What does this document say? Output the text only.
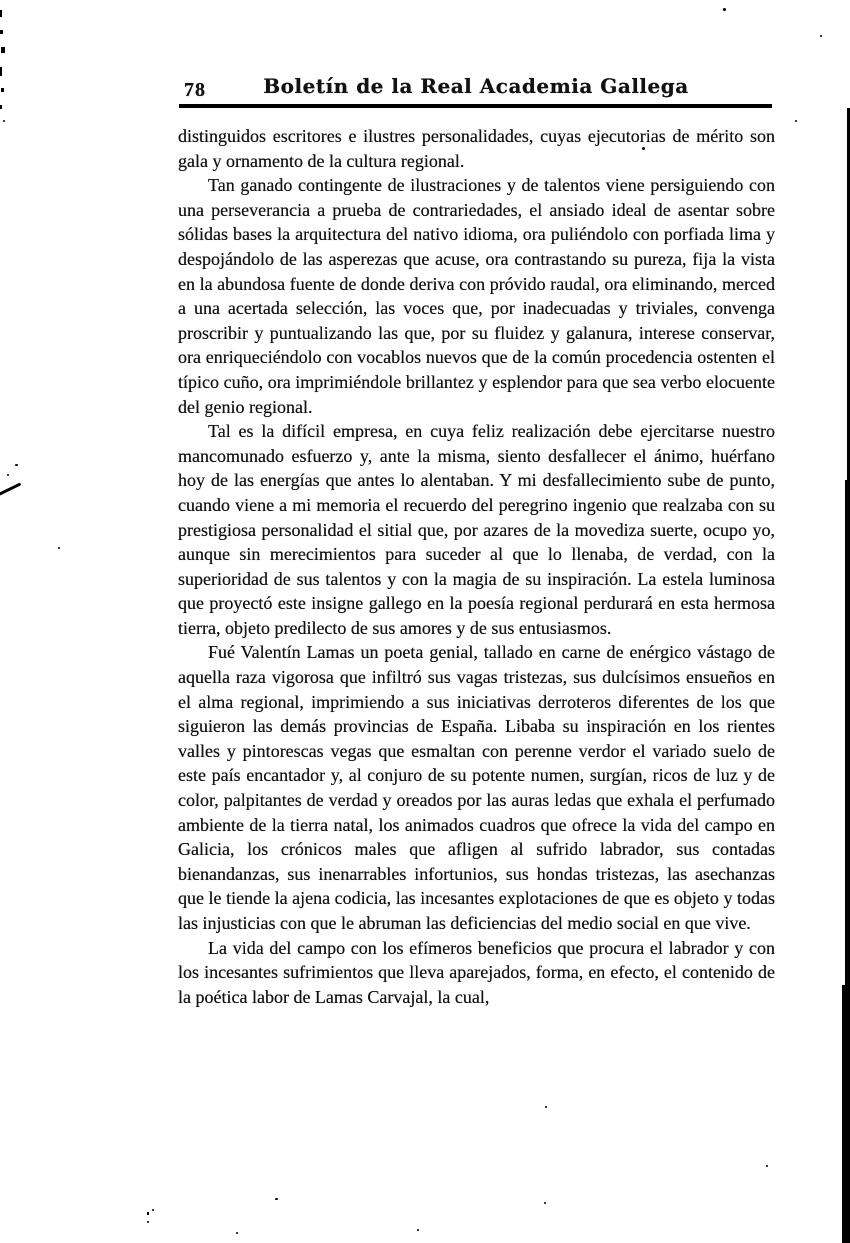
Boletín de la Real Academia Gallega
78

distinguidos escritores e ilustres personalidades, cuyas ejecutorias de mérito son gala y ornamento de la cultura regional.

Tan ganado contingente de ilustraciones y de talentos viene persiguiendo con una perseverancia a prueba de contrariedades, el ansiado ideal de asentar sobre sólidas bases la arquitectura del nativo idioma, ora puliéndolo con porfiada lima y despojándolo de las asperezas que acuse, ora contrastando su pureza, fija la vista en la abundosa fuente de donde deriva con próvido raudal, ora eliminando, merced a una acertada selección, las voces que, por inadecuadas y triviales, convenga proscribir y puntualizando las que, por su fluidez y galanura, interese conservar, ora enriqueciéndolo con vocablos nuevos que de la común procedencia ostenten el típico cuño, ora imprimiéndole brillantez y esplendor para que sea verbo elocuente del genio regional.

Tal es la difícil empresa, en cuya feliz realización debe ejercitarse nuestro mancomunado esfuerzo y, ante la misma, siento desfallecer el ánimo, huérfano hoy de las energías que antes lo alentaban. Y mi desfallecimiento sube de punto, cuando viene a mi memoria el recuerdo del peregrino ingenio que realzaba con su prestigiosa personalidad el sitial que, por azares de la movediza suerte, ocupo yo, aunque sin merecimientos para suceder al que lo llenaba, de verdad, con la superioridad de sus talentos y con la magia de su inspiración. La estela luminosa que proyectó este insigne gallego en la poesía regional perdurará en esta hermosa tierra, objeto predilecto de sus amores y de sus entusiasmos.

Fué Valentín Lamas un poeta genial, tallado en carne de enérgico vástago de aquella raza vigorosa que infiltró sus vagas tristezas, sus dulcísimos ensueños en el alma regional, imprimiendo a sus iniciativas derroteros diferentes de los que siguieron las demás provincias de España. Libaba su inspiración en los rientes valles y pintorescas vegas que esmaltan con perenne verdor el variado suelo de este país encantador y, al conjuro de su potente numen, surgían, ricos de luz y de color, palpitantes de verdad y oreados por las auras ledas que exhala el perfumado ambiente de la tierra natal, los animados cuadros que ofrece la vida del campo en Galicia, los crónicos males que afligen al sufrido labrador, sus contadas bienandanzas, sus inenarrables infortunios, sus hondas tristezas, las asechanzas que le tiende la ajena codicia, las incesantes explotaciones de que es objeto y todas las injusticias con que le abruman las deficiencias del medio social en que vive.

La vida del campo con los efímeros beneficios que procura el labrador y con los incesantes sufrimientos que lleva aparejados, forma, en efecto, el contenido de la poética labor de Lamas Carvajal, la cual,
